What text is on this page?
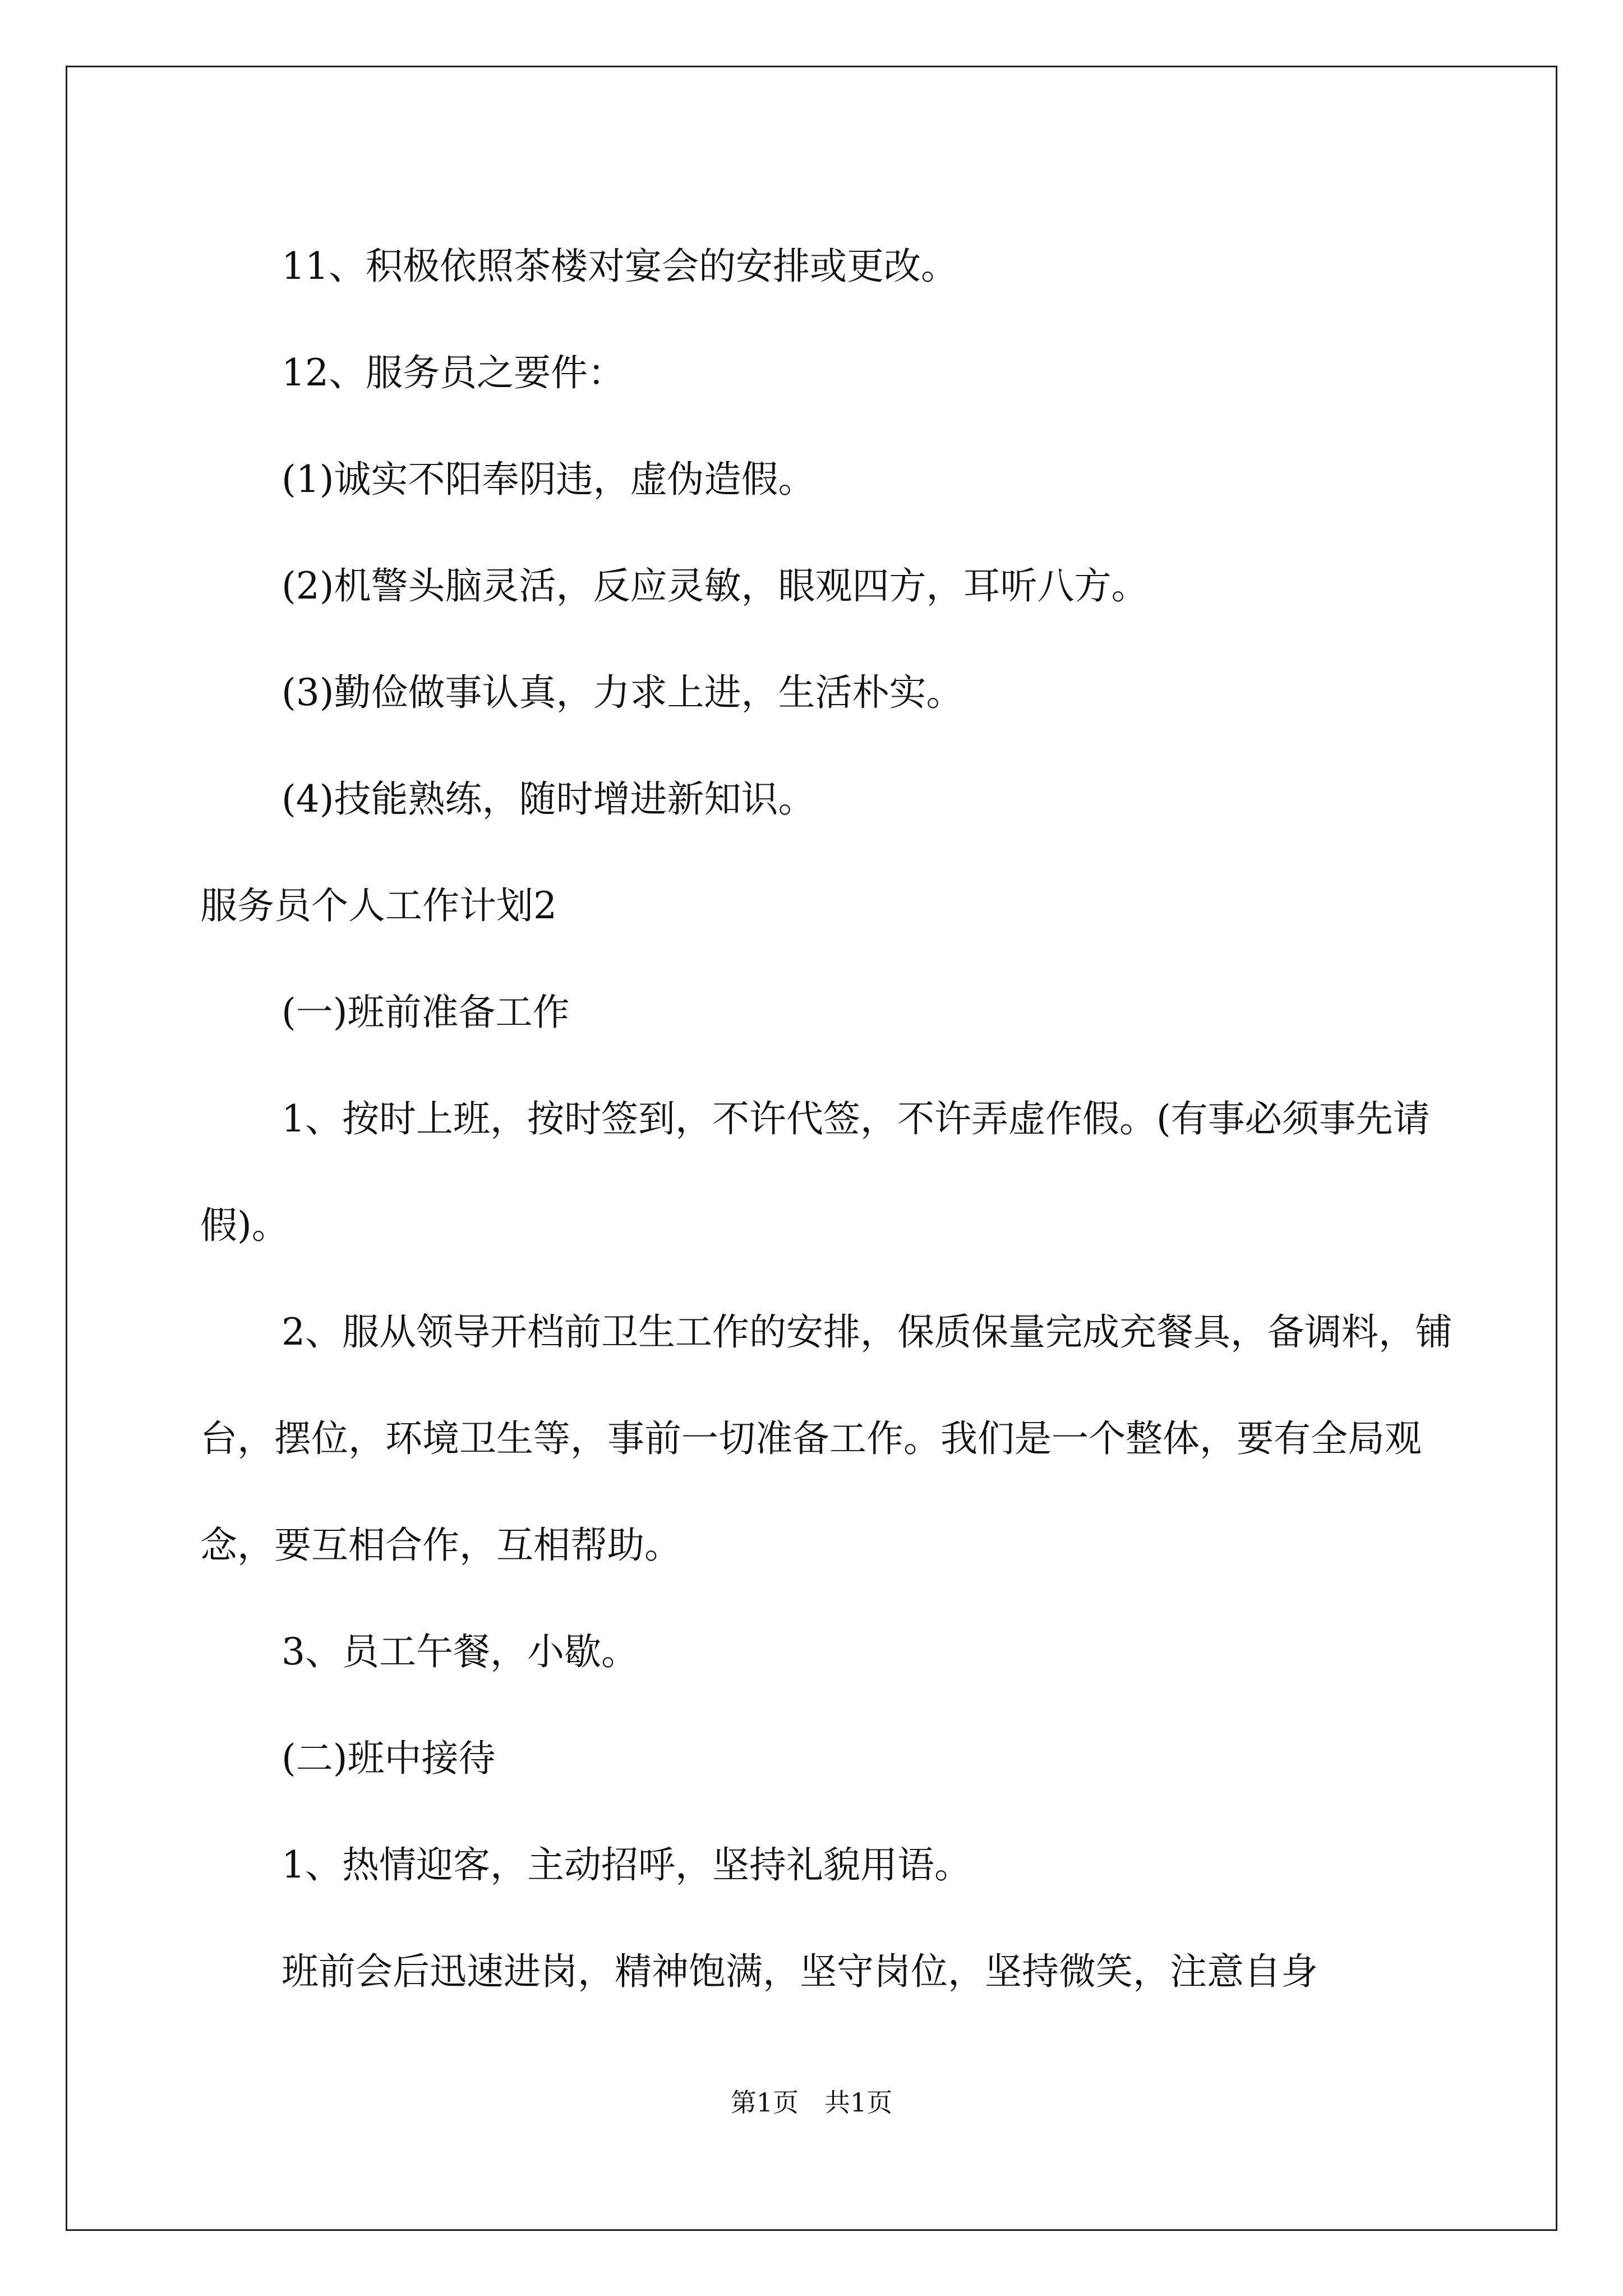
11、积极依照茶楼对宴会的安排或更改。

12、服务员之要件：

(1)诚实不阳奉阴违，虚伪造假。

(2)机警头脑灵活，反应灵敏，眼观四方，耳听八方。

(3)勤俭做事认真，力求上进，生活朴实。

(4)技能熟练，随时增进新知识。

服务员个人工作计划2

(一)班前准备工作

1、按时上班，按时签到，不许代签，不许弄虚作假。(有事必须事先请假)。

2、服从领导开档前卫生工作的安排，保质保量完成充餐具，备调料，铺台，摆位，环境卫生等，事前一切准备工作。我们是一个整体，要有全局观念，要互相合作，互相帮助。

3、员工午餐，小歇。

(二)班中接待

1、热情迎客，主动招呼，坚持礼貌用语。

班前会后迅速进岗，精神饱满，坚守岗位，坚持微笑，注意自身

第1页　共1页
